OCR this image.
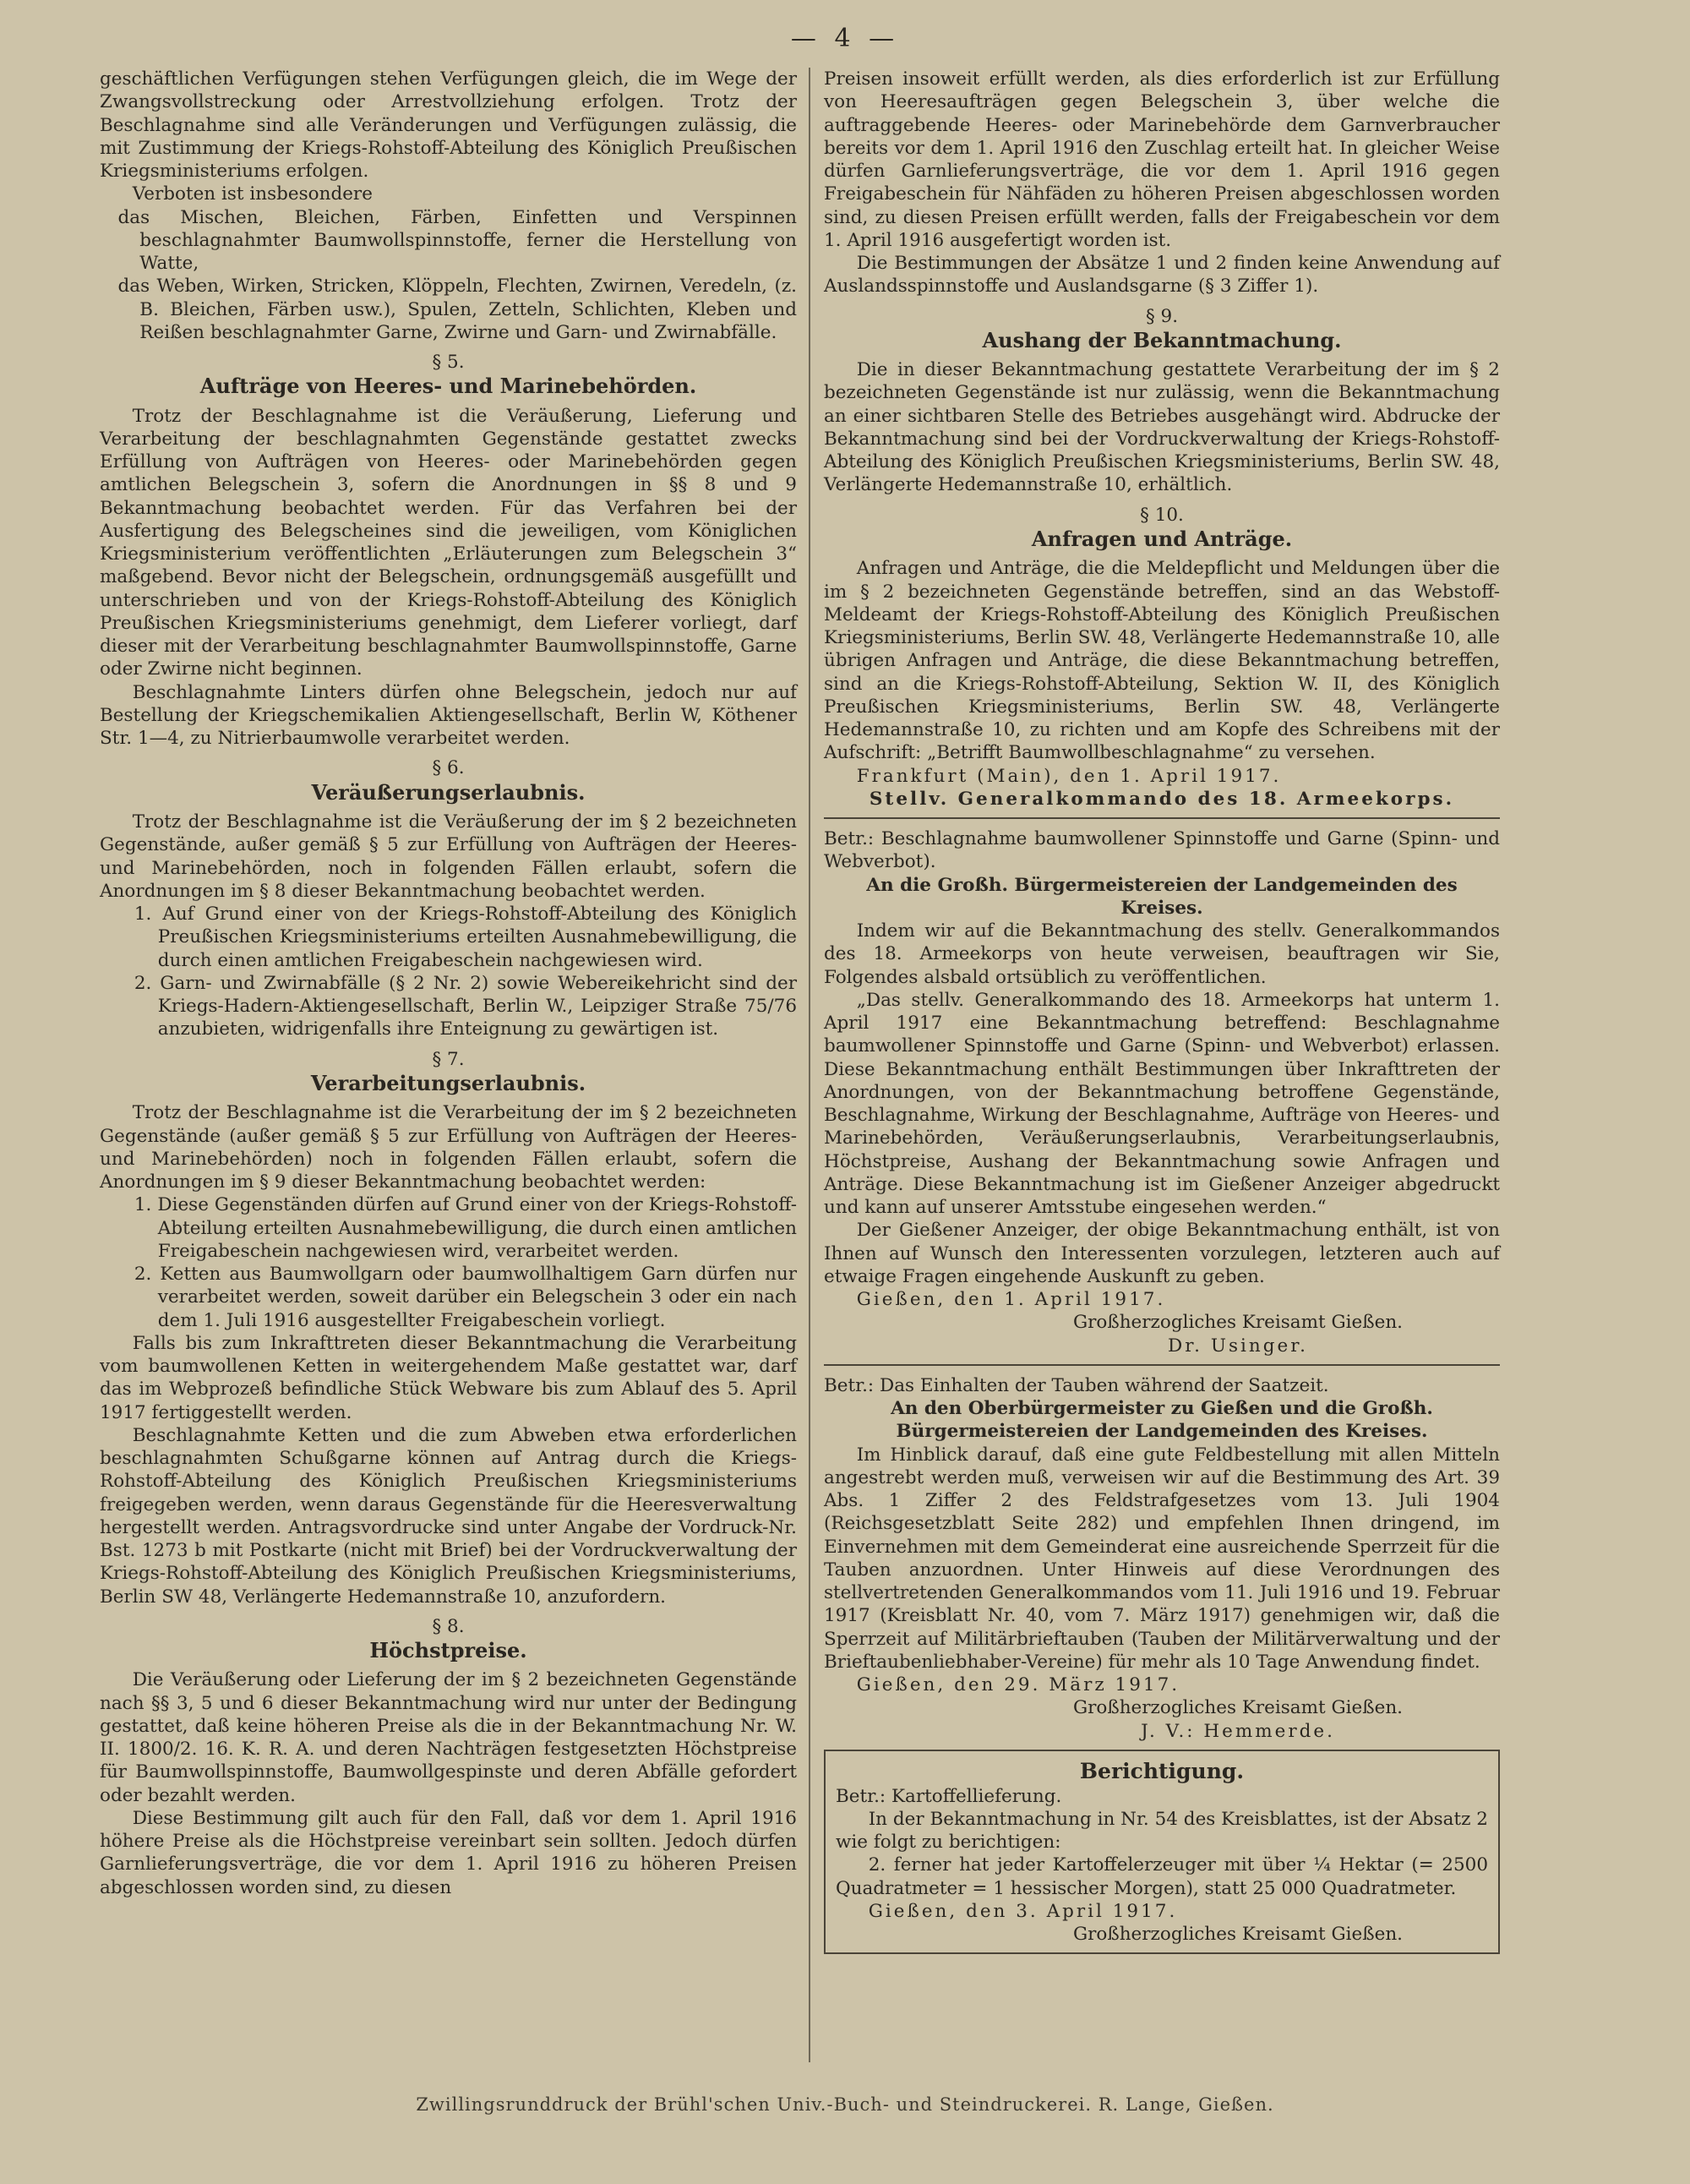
— 4 —

geschäftlichen Verfügungen stehen Verfügungen gleich, die im Wege der Zwangsvollstreckung oder Arrestvollziehung erfolgen. Trotz der Beschlagnahme sind alle Veränderungen und Verfügungen zulässig, die mit Zustimmung der Kriegs-Rohstoff-Abteilung des Königlich Preußischen Kriegsministeriums erfolgen.

Verboten ist insbesondere

das Mischen, Bleichen, Färben, Einfetten und Verspinnen beschlagnahmter Baumwollspinnstoffe, ferner die Herstellung von Watte,

das Weben, Wirken, Stricken, Klöppeln, Flechten, Zwirnen, Veredeln, (z. B. Bleichen, Färben usw.), Spulen, Zetteln, Schlichten, Kleben und Reißen beschlagnahmter Garne, Zwirne und Garn- und Zwirnabfälle.

§ 5.

Aufträge von Heeres- und Marinebehörden.

Trotz der Beschlagnahme ist die Veräußerung, Lieferung und Verarbeitung der beschlagnahmten Gegenstände gestattet zwecks Erfüllung von Aufträgen von Heeres- oder Marinebehörden gegen amtlichen Belegschein 3, sofern die Anordnungen in §§ 8 und 9 Bekanntmachung beobachtet werden. Für das Verfahren bei der Ausfertigung des Belegscheines sind die jeweiligen, vom Königlichen Kriegsministerium veröffentlichten „Erläuterungen zum Belegschein 3“ maßgebend. Bevor nicht der Belegschein, ordnungsgemäß ausgefüllt und unterschrieben und von der Kriegs-Rohstoff-Abteilung des Königlich Preußischen Kriegsministeriums genehmigt, dem Lieferer vorliegt, darf dieser mit der Verarbeitung beschlagnahmter Baumwollspinnstoffe, Garne oder Zwirne nicht beginnen.

Beschlagnahmte Linters dürfen ohne Belegschein, jedoch nur auf Bestellung der Kriegschemikalien Aktiengesellschaft, Berlin W, Köthener Str. 1—4, zu Nitrierbaumwolle verarbeitet werden.

§ 6.

Veräußerungserlaubnis.

Trotz der Beschlagnahme ist die Veräußerung der im § 2 bezeichneten Gegenstände, außer gemäß § 5 zur Erfüllung von Aufträgen der Heeres- und Marinebehörden, noch in folgenden Fällen erlaubt, sofern die Anordnungen im § 8 dieser Bekanntmachung beobachtet werden.

1. Auf Grund einer von der Kriegs-Rohstoff-Abteilung des Königlich Preußischen Kriegsministeriums erteilten Ausnahmebewilligung, die durch einen amtlichen Freigabeschein nachgewiesen wird.

2. Garn- und Zwirnabfälle (§ 2 Nr. 2) sowie Webereikehricht sind der Kriegs-Hadern-Aktiengesellschaft, Berlin W., Leipziger Straße 75/76 anzubieten, widrigenfalls ihre Enteignung zu gewärtigen ist.

§ 7.

Verarbeitungserlaubnis.

Trotz der Beschlagnahme ist die Verarbeitung der im § 2 bezeichneten Gegenstände (außer gemäß § 5 zur Erfüllung von Aufträgen der Heeres- und Marinebehörden) noch in folgenden Fällen erlaubt, sofern die Anordnungen im § 9 dieser Bekanntmachung beobachtet werden:

1. Diese Gegenständen dürfen auf Grund einer von der Kriegs-Rohstoff-Abteilung erteilten Ausnahmebewilligung, die durch einen amtlichen Freigabeschein nachgewiesen wird, verarbeitet werden.

2. Ketten aus Baumwollgarn oder baumwollhaltigem Garn dürfen nur verarbeitet werden, soweit darüber ein Belegschein 3 oder ein nach dem 1. Juli 1916 ausgestellter Freigabeschein vorliegt.

Falls bis zum Inkrafttreten dieser Bekanntmachung die Verarbeitung vom baumwollenen Ketten in weitergehendem Maße gestattet war, darf das im Webprozeß befindliche Stück Webware bis zum Ablauf des 5. April 1917 fertiggestellt werden.

Beschlagnahmte Ketten und die zum Abweben etwa erforderlichen beschlagnahmten Schußgarne können auf Antrag durch die Kriegs-Rohstoff-Abteilung des Königlich Preußischen Kriegsministeriums freigegeben werden, wenn daraus Gegenstände für die Heeresverwaltung hergestellt werden. Antragsvordrucke sind unter Angabe der Vordruck-Nr. Bst. 1273 b mit Postkarte (nicht mit Brief) bei der Vordruckverwaltung der Kriegs-Rohstoff-Abteilung des Königlich Preußischen Kriegsministeriums, Berlin SW 48, Verlängerte Hedemannstraße 10, anzufordern.

§ 8.

Höchstpreise.

Die Veräußerung oder Lieferung der im § 2 bezeichneten Gegenstände nach §§ 3, 5 und 6 dieser Bekanntmachung wird nur unter der Bedingung gestattet, daß keine höheren Preise als die in der Bekanntmachung Nr. W. II. 1800/2. 16. K. R. A. und deren Nachträgen festgesetzten Höchstpreise für Baumwollspinnstoffe, Baumwollgespinste und deren Abfälle gefordert oder bezahlt werden.

Diese Bestimmung gilt auch für den Fall, daß vor dem 1. April 1916 höhere Preise als die Höchstpreise vereinbart sein sollten. Jedoch dürfen Garnlieferungsverträge, die vor dem 1. April 1916 zu höheren Preisen abgeschlossen worden sind, zu diesen

Preisen insoweit erfüllt werden, als dies erforderlich ist zur Erfüllung von Heeresaufträgen gegen Belegschein 3, über welche die auftraggebende Heeres- oder Marinebehörde dem Garnverbraucher bereits vor dem 1. April 1916 den Zuschlag erteilt hat. In gleicher Weise dürfen Garnlieferungsverträge, die vor dem 1. April 1916 gegen Freigabeschein für Nähfäden zu höheren Preisen abgeschlossen worden sind, zu diesen Preisen erfüllt werden, falls der Freigabeschein vor dem 1. April 1916 ausgefertigt worden ist.

Die Bestimmungen der Absätze 1 und 2 finden keine Anwendung auf Auslandsspinnstoffe und Auslandsgarne (§ 3 Ziffer 1).

§ 9.

Aushang der Bekanntmachung.

Die in dieser Bekanntmachung gestattete Verarbeitung der im § 2 bezeichneten Gegenstände ist nur zulässig, wenn die Bekanntmachung an einer sichtbaren Stelle des Betriebes ausgehängt wird. Abdrucke der Bekanntmachung sind bei der Vordruckverwaltung der Kriegs-Rohstoff-Abteilung des Königlich Preußischen Kriegsministeriums, Berlin SW. 48, Verlängerte Hedemannstraße 10, erhältlich.

§ 10.

Anfragen und Anträge.

Anfragen und Anträge, die die Meldepflicht und Meldungen über die im § 2 bezeichneten Gegenstände betreffen, sind an das Webstoff-Meldeamt der Kriegs-Rohstoff-Abteilung des Königlich Preußischen Kriegsministeriums, Berlin SW. 48, Verlängerte Hedemannstraße 10, alle übrigen Anfragen und Anträge, die diese Bekanntmachung betreffen, sind an die Kriegs-Rohstoff-Abteilung, Sektion W. II, des Königlich Preußischen Kriegsministeriums, Berlin SW. 48, Verlängerte Hedemannstraße 10, zu richten und am Kopfe des Schreibens mit der Aufschrift: „Betrifft Baumwollbeschlagnahme“ zu versehen.

Frankfurt (Main), den 1. April 1917.

Stellv. Generalkommando des 18. Armeekorps.

Betr.: Beschlagnahme baumwollener Spinnstoffe und Garne (Spinn- und Webverbot).

An die Großh. Bürgermeistereien der Landgemeinden des Kreises.

Indem wir auf die Bekanntmachung des stellv. Generalkommandos des 18. Armeekorps von heute verweisen, beauftragen wir Sie, Folgendes alsbald ortsüblich zu veröffentlichen.

„Das stellv. Generalkommando des 18. Armeekorps hat unterm 1. April 1917 eine Bekanntmachung betreffend: Beschlagnahme baumwollener Spinnstoffe und Garne (Spinn- und Webverbot) erlassen. Diese Bekanntmachung enthält Bestimmungen über Inkrafttreten der Anordnungen, von der Bekanntmachung betroffene Gegenstände, Beschlagnahme, Wirkung der Beschlagnahme, Aufträge von Heeres- und Marinebehörden, Veräußerungserlaubnis, Verarbeitungserlaubnis, Höchstpreise, Aushang der Bekanntmachung sowie Anfragen und Anträge. Diese Bekanntmachung ist im Gießener Anzeiger abgedruckt und kann auf unserer Amtsstube eingesehen werden.“

Der Gießener Anzeiger, der obige Bekanntmachung enthält, ist von Ihnen auf Wunsch den Interessenten vorzulegen, letzteren auch auf etwaige Fragen eingehende Auskunft zu geben.

Gießen, den 1. April 1917.

Großherzogliches Kreisamt Gießen.

Dr. Usinger.

Betr.: Das Einhalten der Tauben während der Saatzeit.

An den Oberbürgermeister zu Gießen und die Großh. Bürgermeistereien der Landgemeinden des Kreises.

Im Hinblick darauf, daß eine gute Feldbestellung mit allen Mitteln angestrebt werden muß, verweisen wir auf die Bestimmung des Art. 39 Abs. 1 Ziffer 2 des Feldstrafgesetzes vom 13. Juli 1904 (Reichsgesetzblatt Seite 282) und empfehlen Ihnen dringend, im Einvernehmen mit dem Gemeinderat eine ausreichende Sperrzeit für die Tauben anzuordnen. Unter Hinweis auf diese Verordnungen des stellvertretenden Generalkommandos vom 11. Juli 1916 und 19. Februar 1917 (Kreisblatt Nr. 40, vom 7. März 1917) genehmigen wir, daß die Sperrzeit auf Militärbrieftauben (Tauben der Militärverwaltung und der Brieftaubenliebhaber-Vereine) für mehr als 10 Tage Anwendung findet.

Gießen, den 29. März 1917.

Großherzogliches Kreisamt Gießen.

J. V.: Hemmerde.

Berichtigung.

Betr.: Kartoffellieferung.

In der Bekanntmachung in Nr. 54 des Kreisblattes, ist der Absatz 2 wie folgt zu berichtigen:

2. ferner hat jeder Kartoffelerzeuger mit über ¼ Hektar (= 2500 Quadratmeter = 1 hessischer Morgen), statt 25 000 Quadratmeter.

Gießen, den 3. April 1917.

Großherzogliches Kreisamt Gießen.

Zwillingsrunddruck der Brühl'schen Univ.-Buch- und Steindruckerei. R. Lange, Gießen.
